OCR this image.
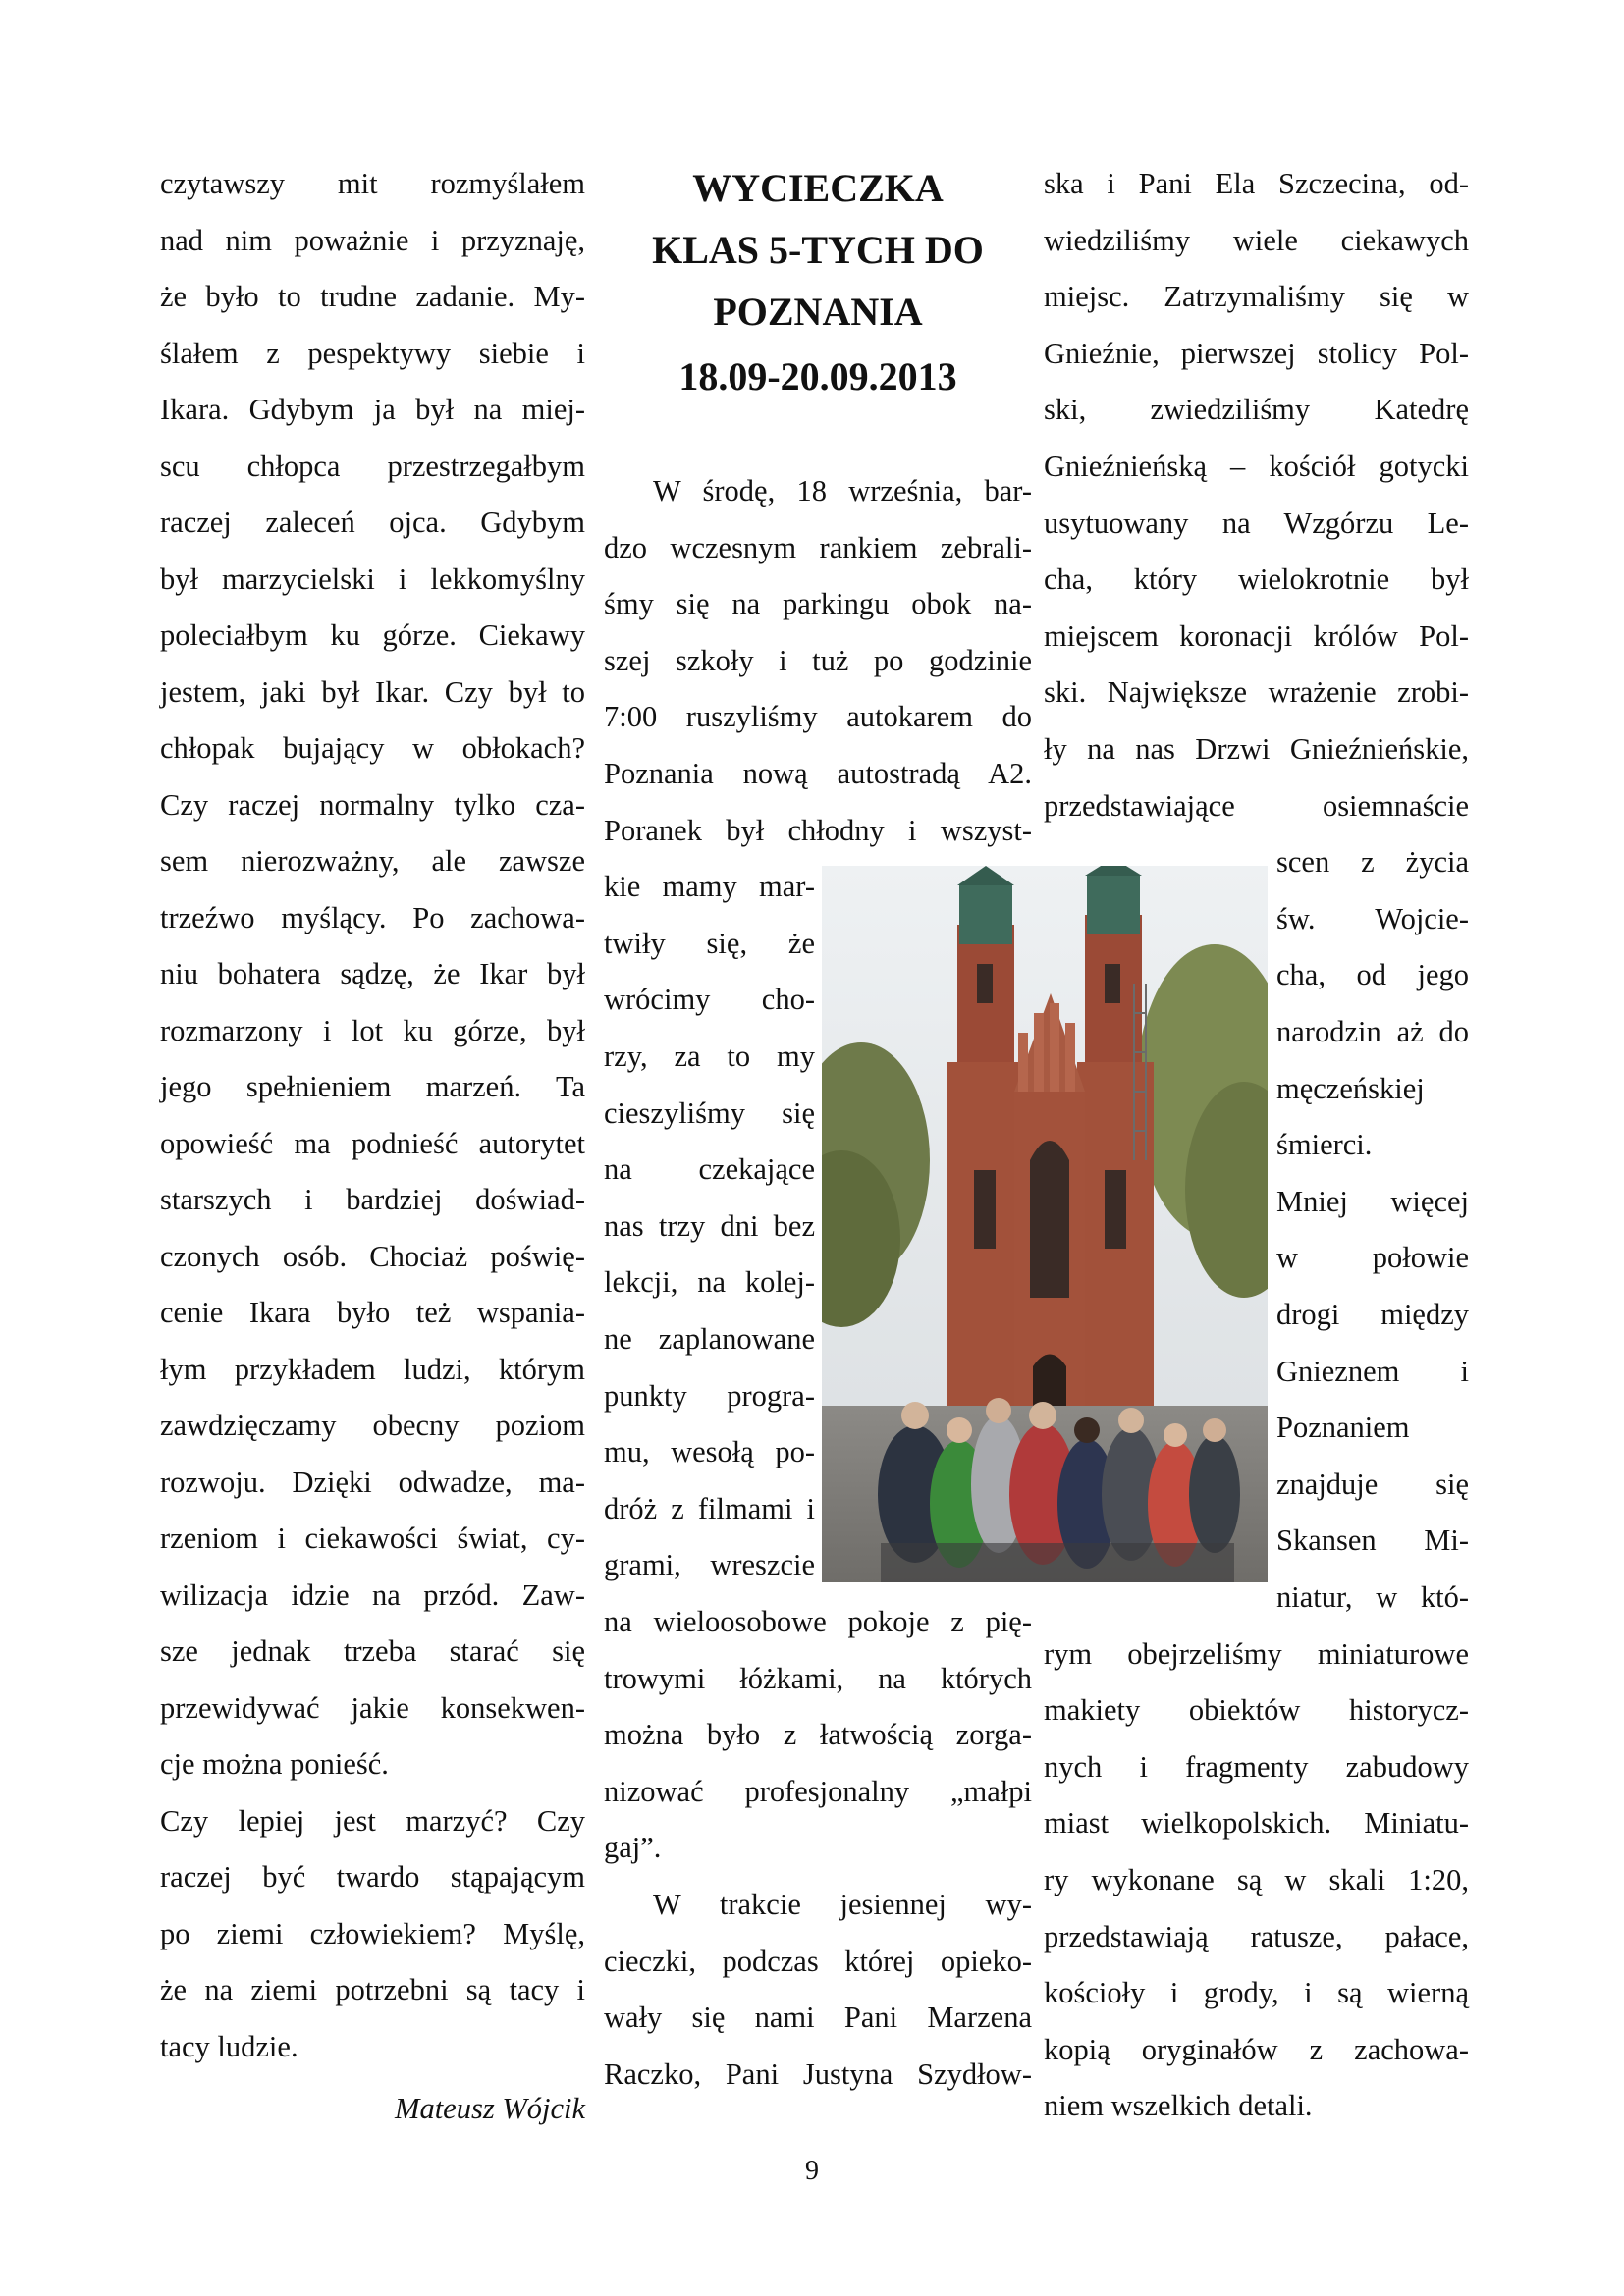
czytawszy mit rozmyślałem
nad nim poważnie i przyznaję,
że było to trudne zadanie. My-
ślałem z pespektywy siebie i
Ikara. Gdybym ja był na miej-
scu chłopca przestrzegałbym
raczej zaleceń ojca. Gdybym
był marzycielski i lekkomyślny
poleciałbym ku górze. Ciekawy
jestem, jaki był Ikar. Czy był to
chłopak bujający w obłokach?
Czy raczej normalny tylko cza-
sem nierozważny, ale zawsze
trzeźwo myślący. Po zachowa-
niu bohatera sądzę, że Ikar był
rozmarzony i lot ku górze, był
jego spełnieniem marzeń. Ta
opowieść ma podnieść autorytet
starszych i bardziej doświad-
czonych osób. Chociaż poświę-
cenie Ikara było też wspania-
łym przykładem ludzi, którym
zawdzięczamy obecny poziom
rozwoju. Dzięki odwadze, ma-
rzeniom i ciekawości świat, cy-
wilizacja idzie na przód. Zaw-
sze jednak trzeba starać się
przewidywać jakie konsekwen-
cje można ponieść.
Czy lepiej jest marzyć? Czy
raczej być twardo stąpającym
po ziemi człowiekiem? Myślę,
że na ziemi potrzebni są tacy i
tacy ludzie.
WYCIECZKA
KLAS 5-TYCH DO
POZNANIA
18.09-20.09.2013
W środę, 18 września, bar-
dzo wczesnym rankiem zebrali-
śmy się na parkingu obok na-
szej szkoły i tuż po godzinie
7:00 ruszyliśmy autokarem do
Poznania nową autostradą A2.
Poranek był chłodny i wszyst-
kie mamy mar-
twiły się, że
wrócimy cho-
rzy, za to my
cieszyliśmy się
na czekające
nas trzy dni bez
lekcji, na kolej-
ne zaplanowane
punkty progra-
mu, wesołą po-
dróż z filmami i
grami, wreszcie
na wieloosobowe pokoje z pię-
trowymi łóżkami, na których
można było z łatwością zorga-
nizować profesjonalny „małpi
gaj”.
W trakcie jesiennej wy-
cieczki, podczas której opieko-
wały się nami Pani Marzena
Raczko, Pani Justyna Szydłow-
ska i Pani Ela Szczecina, od-
wiedziliśmy wiele ciekawych
miejsc. Zatrzymaliśmy się w
Gnieźnie, pierwszej stolicy Pol-
ski, zwiedziliśmy Katedrę
Gnieźnieńską – kościół gotycki
usytuowany na Wzgórzu Le-
cha, który wielokrotnie był
miejscem koronacji królów Pol-
ski. Największe wrażenie zrobi-
ły na nas Drzwi Gnieźnieńskie,
przedstawiające osiemnaście
scen z życia
św. Wojcie-
cha, od jego
narodzin aż do
męczeńskiej
śmierci.
Mniej więcej
w połowie
drogi między
Gnieznem i
Poznaniem
znajduje się
Skansen Mi-
niatur, w któ-
rym obejrzeliśmy miniaturowe
makiety obiektów historycz-
nych i fragmenty zabudowy
miast wielkopolskich. Miniatu-
ry wykonane są w skali 1:20,
przedstawiają ratusze, pałace,
kościoły i grody, i są wierną
kopią oryginałów z zachowa-
niem wszelkich detali.
Mateusz Wójcik
9
